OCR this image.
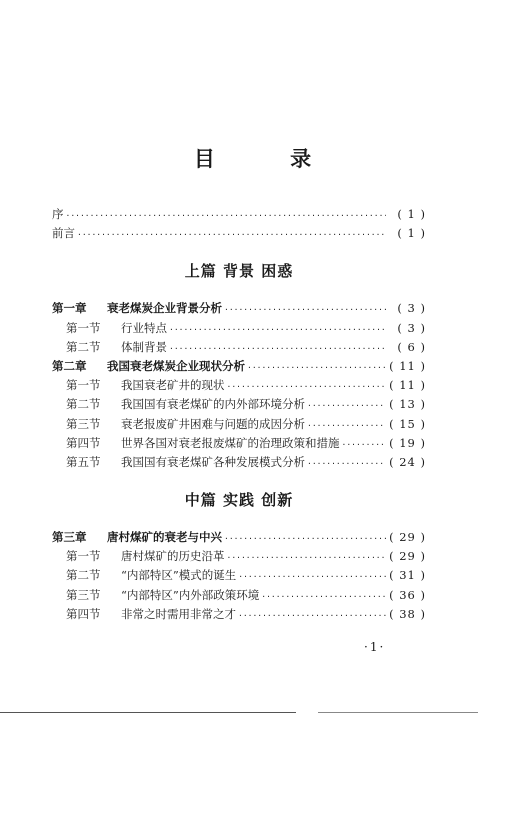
目 录
序 ·····	( 1 )
前言 ·····	( 1 )
上篇 背景 困惑
第一章	衰老煤炭企业背景分析 ·····	( 3 )
第一节	行业特点 ·····	( 3 )
第二节	体制背景 ·····	( 6 )
第二章	我国衰老煤炭企业现状分析 ·····	( 11 )
第一节	我国衰老矿井的现状 ·····	( 11 )
第二节	我国国有衰老煤矿的内外部环境分析 ·····	( 13 )
第三节	衰老报废矿井困难与问题的成因分析 ·····	( 15 )
第四节	世界各国对衰老报废煤矿的治理政策和措施 ·····	( 19 )
第五节	我国国有衰老煤矿各种发展模式分析 ·····	( 24 )
中篇 实践 创新
第三章	唐村煤矿的衰老与中兴 ·····	( 29 )
第一节	唐村煤矿的历史沿革 ·····	( 29 )
第二节	“内部特区”模式的诞生 ·····	( 31 )
第三节	“内部特区”内外部政策环境 ·····	( 36 )
第四节	非常之时需用非常之才 ·····	( 38 )
·1·
